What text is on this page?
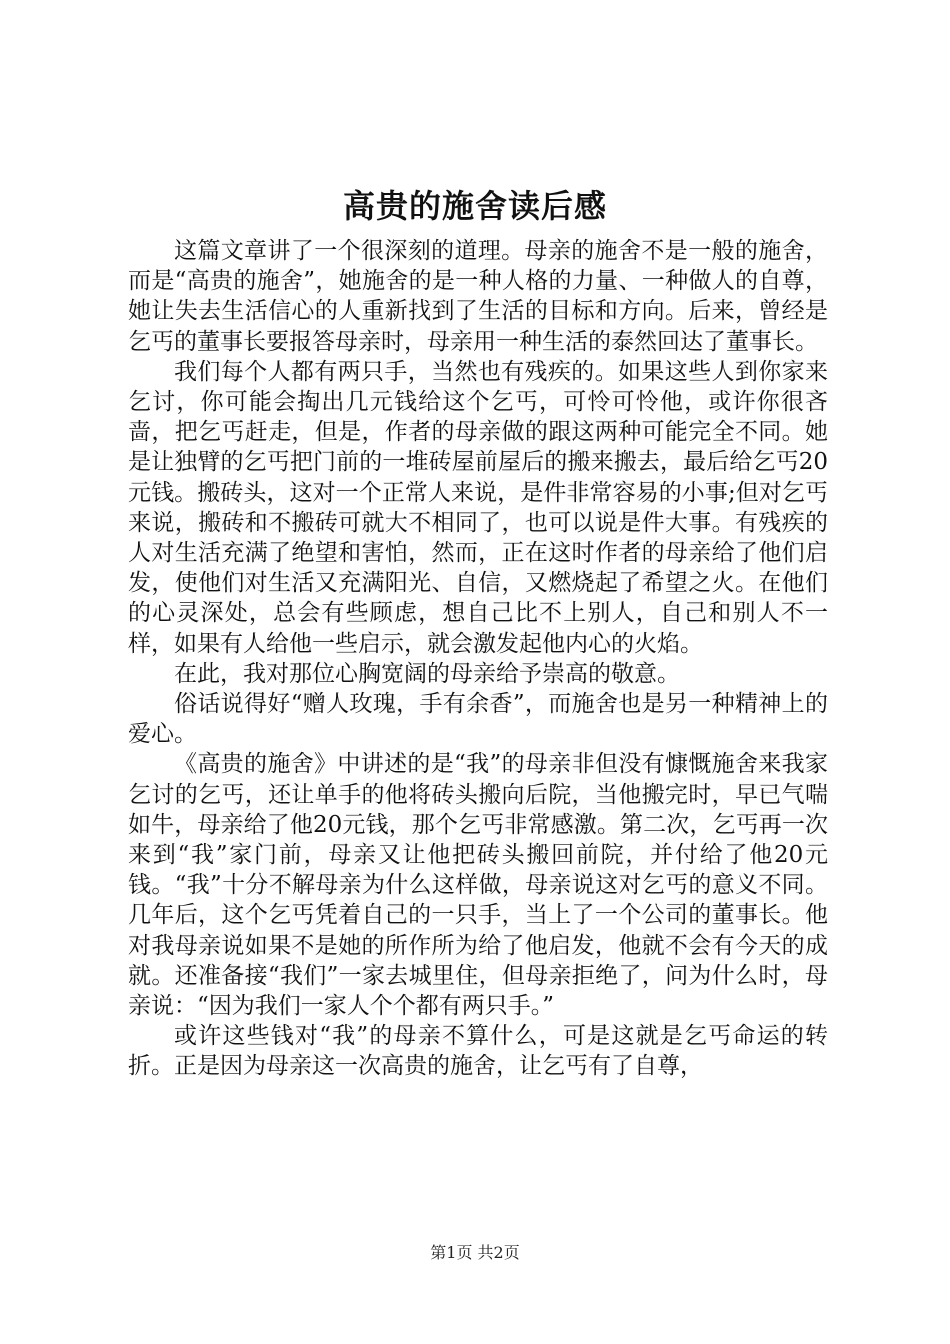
高贵的施舍读后感

这篇文章讲了一个很深刻的道理。母亲的施舍不是一般的施舍，而是“高贵的施舍”，她施舍的是一种人格的力量、一种做人的自尊，她让失去生活信心的人重新找到了生活的目标和方向。后来，曾经是乞丐的董事长要报答母亲时，母亲用一种生活的泰然回达了董事长。

我们每个人都有两只手，当然也有残疾的。如果这些人到你家来乞讨，你可能会掏出几元钱给这个乞丐，可怜可怜他，或许你很吝啬，把乞丐赶走，但是，作者的母亲做的跟这两种可能完全不同。她是让独臂的乞丐把门前的一堆砖屋前屋后的搬来搬去，最后给乞丐20元钱。搬砖头，这对一个正常人来说，是件非常容易的小事;但对乞丐来说，搬砖和不搬砖可就大不相同了，也可以说是件大事。有残疾的人对生活充满了绝望和害怕，然而，正在这时作者的母亲给了他们启发，使他们对生活又充满阳光、自信，又燃烧起了希望之火。在他们的心灵深处，总会有些顾虑，想自己比不上别人，自己和别人不一样，如果有人给他一些启示，就会激发起他内心的火焰。

在此，我对那位心胸宽阔的母亲给予崇高的敬意。

俗话说得好“赠人玫瑰，手有余香”，而施舍也是另一种精神上的爱心。

《高贵的施舍》中讲述的是“我”的母亲非但没有慷慨施舍来我家乞讨的乞丐，还让单手的他将砖头搬向后院，当他搬完时，早已气喘如牛，母亲给了他20元钱，那个乞丐非常感激。第二次，乞丐再一次来到“我”家门前，母亲又让他把砖头搬回前院，并付给了他20元钱。“我”十分不解母亲为什么这样做，母亲说这对乞丐的意义不同。几年后，这个乞丐凭着自己的一只手，当上了一个公司的董事长。他对我母亲说如果不是她的所作所为给了他启发，他就不会有今天的成就。还准备接“我们”一家去城里住，但母亲拒绝了，问为什么时，母亲说：“因为我们一家人个个都有两只手。”

或许这些钱对“我”的母亲不算什么，可是这就是乞丐命运的转折。正是因为母亲这一次高贵的施舍，让乞丐有了自尊，

第1页 共2页
